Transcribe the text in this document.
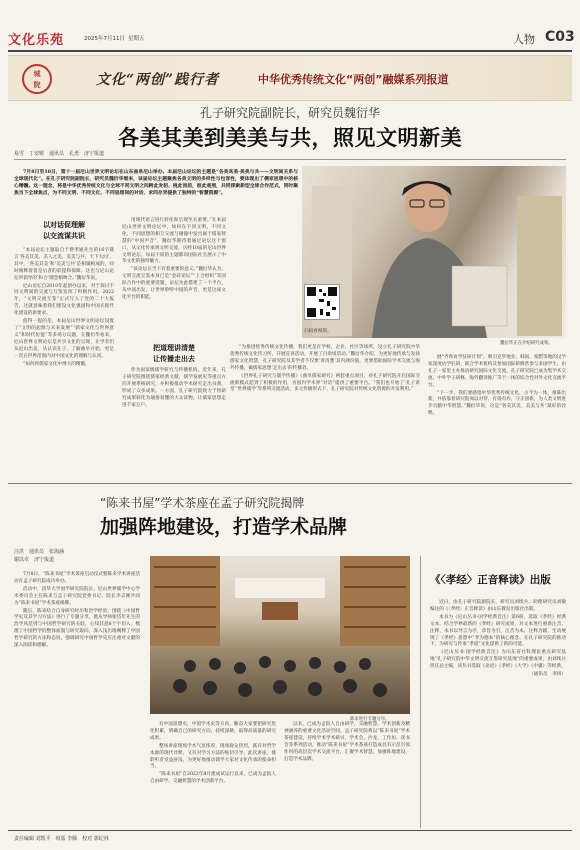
文化乐苑	2025年7月11日 星期五	人物 C03
城
院	文化“两创”践行者	中华优秀传统文化“两创”融媒系列报道
孔子研究院副院长，研究员魏衍华
各美其美到美美与共，照见文明新美
易雪　丁安媛　通讯员　孔勇　济宁报道

7月8日至10日，第十一届尼山世界文明论坛在山东曲阜尼山举办。本届尼山论坛的主题是“各美其美·美美与共——文明间关系与全球现代化”。在孔子研究院副院长、研究员魏衍华看来，该届论坛主题聚焦各美文明的多样性与包容性，要体现出了儒家思想中的核心精髓。这一理念，将是中华优秀传统文化与全球不同文明之间跨此发轫、挑此而前，彼此观照，共同探索新型全球合作范式，同时聚焦当下全球焦点，为不同文明、不同文化、不同思想间的对话、求同存异提供了独特的“智慧资源”。

扫码看视频。
魏衍华正在介绍研究成果。
以对话促理解
以交流谋共识

“本届论坛主题取自于费孝通先生的16字箴言‘各美其美，美人之美，美美与共，天下大同’。其中，‘各美其美’和‘美美与共’是相辅相成的，同时阐释着着是后者的前提和保障。这也与尼山论坛所倡导的‘和合’理念相吻合。”魏衍华说。

尼山论坛自2010年起创办以来，对于探讨不同文明间的交流与互鉴发挥了积极作用。2022年，“文明交流互鉴”正式写入了党的二十大报告，这就意味着我们建设文化强国和中国式现代化建设的新要求。

值得一提的是，本届尼山世界文明论坛设置了“文明的起源与未来发展”“儒家文化与世界意义”和时代价值“等多场分议题，在魏衍华看来，尼山世界文明论坛是共享文化的呈现，让学者们从尼山出发，从认识孔子，了解曲阜开始，更是一次在世界范围内对中国文化的理解与认同。

“如何将儒家文化中博大的精髓，

用现代语言进行转化和呈现至关重要。”在本届尼山世界文明论坛中，如何在不同文明、不同文化、不同思想的相互交流与碰撞中发出属于儒家智慧的“中国声音”，魏衍华期待着通过论坛这个窗口，从文化传承到文明交流，历经10届的尼山世界文明论坛，每届不同的主题都向国际社会展示了中华文化的独特魅力。

“该论坛在当下有着重要的意义。”魏衍华认为，文明交流互鉴本身已是“金砖论坛”“上合组织”等国际合作中的重要话题，论坛为此搭建了一个平台，从中国出发，让世界聆听中国的声音，更是这座文化平台的职能。

把道理讲清楚
让传播走出去

作为国家级儒学研究与传播机构，近年来，孔子研究院围绕儒家经典文献、儒学发展史等重点方向开展系统研究，并积极推动学术研究走出书斋，形成了众多成果。一方面，孔子研究院致力于将研究成果转化为通俗易懂的大众读物，让儒家思想走进千家万户。

“为推进优秀传统文化传播，我们更是在学校、企业、社区等场所，设立孔子研究院中华优秀传统文化传习所，开展宣讲活动，开展了百余场活动。”魏衍华介绍，为更好地传承与发扬儒家文化智慧，孔子研究院及其学者不仅要‘讲清楚’其内涵价值，更要借助国际学术交流与海外传播，做儒家思想‘走出去’的传播者。

《世界孔子研究与儒学传播》《曲阜儒家研究》两套重点项目，对孔子研究院开启国际交流新模式起到了积极的作用，为国内学术界“对话”提供了重要平台。“我们也开始了‘孔子讲堂’‘世界儒学’等系列交流活动，多元传播形式下，孔子研究院对传统文化资源的开发利用。”

展“齐鲁访学驻研计划”，吸引克罗地亚、韩国、希腊等地的汉学家深度访学驻研，联合学术机构及参加国际研修营参与多国学生，由孔子一家里主办推动研究国际文化交流，孔子研究院已成为集学术交流、中外学子研修、海外翻译推广等于一体的综合性对外文化交流平台。

“下一步，我们要感悟中华优秀传统文化，古今为一体，推陈出新，并依靠着研究院加以对待，有扬有弃，守正创新，为人类文明进步贡献中华智慧。”魏衍华说，这是“各美其美、美美与共”最好的诠释。

“陈来书屋”学术茶座在孟子研究院揭牌
加强阵地建设，打造学术品牌
汪洪　通讯员　张海涵
谢以卓　济宁报道

7月8日，“陈来书屋”学术茶座启动仪式暨陈来学术讲座活动在孟子研究院成功举办。

活动中，清华大学国学研究院院长、尼山世界儒学中心学术委员会主任陈来与孟子研究院党委书记、院长李志刚共同为“陈来书屋”学术茶座揭牌。

随后，陈来结合自身研究经历和治学经验，围绕《中国哲学史及其学习方法》进行了专题分享，他从导师张岱年先生的治学风范到与中国哲学研究的关联，心知其意8个字切入，梳理了中国哲学的整体面貌与研究取向，深入浅出地阐释了中国哲学研究的方法和态度，强调研究中国哲学史应注重对文献的深入阅读和理解。

陈来进行专题分享。

有中国思想史，中国学术史等方向，勤奋大家要把研究优化积累，明确自己的研究方向，持续深耕，取得高质量的研究成果。

整场讲座现场学术气氛浓厚，现场观众热烈，既有对哲学本源的现代诠释，又有对学习方法的贴切引导。此次讲座，使聆听者受益匪浅，为更好地推动儒学大家对文化传承的使命担当。

“陈来书屋”自2023年8月建成试运行以来，已成为孟院人自由研学、交融智慧的学术创新平台。

以来，已成为孟院人自由研学，交融智慧，学术创新及精神涵养的重要文化活动空间。孟子研究院将以“陈来书屋”学术茶座建设，持续学术学术研讨，学术会、沙龙、工作坊、读书会等系列活动，推动“陈来书屋”学术茶座打造成具有示范引领作用的高层次学术交流平台，汇聚学术智慧，加强阵地建设，打造学术品牌。

《〈孝经〉正音释读》出版

近日，由孔子研究院副院长、研究员刘续兵、助理研究员刘敏编注的《〈孝经〉正音释读》由山东教育出版社出版。

本书为《尼山丛书·国学经典音注》第6册，选取《孝经》经典文本，结合学界最新的《孝经》研究成果，对文本进行重新注音、注释，本书以导言为序，章旨为引，注音为本，注释为辅，生动展现了《孝经》思想中“孝为德本”的核心理念，在孔子研究院的推动下，为研究与传承“孝道”文化提供了新的可能。

《尼山丛书·国学经典音注》为山东省社科理论重点研究基地“孔子研究院中华文明交流互鉴研究基地”的重要成果，由刘续兵担任总主编，该丛书选取《论语》《孝经》《大学》《中庸》等经典。

（通讯员　李扬）

责任编辑 刘凯平　组版 李腾　校对 郭纪林
